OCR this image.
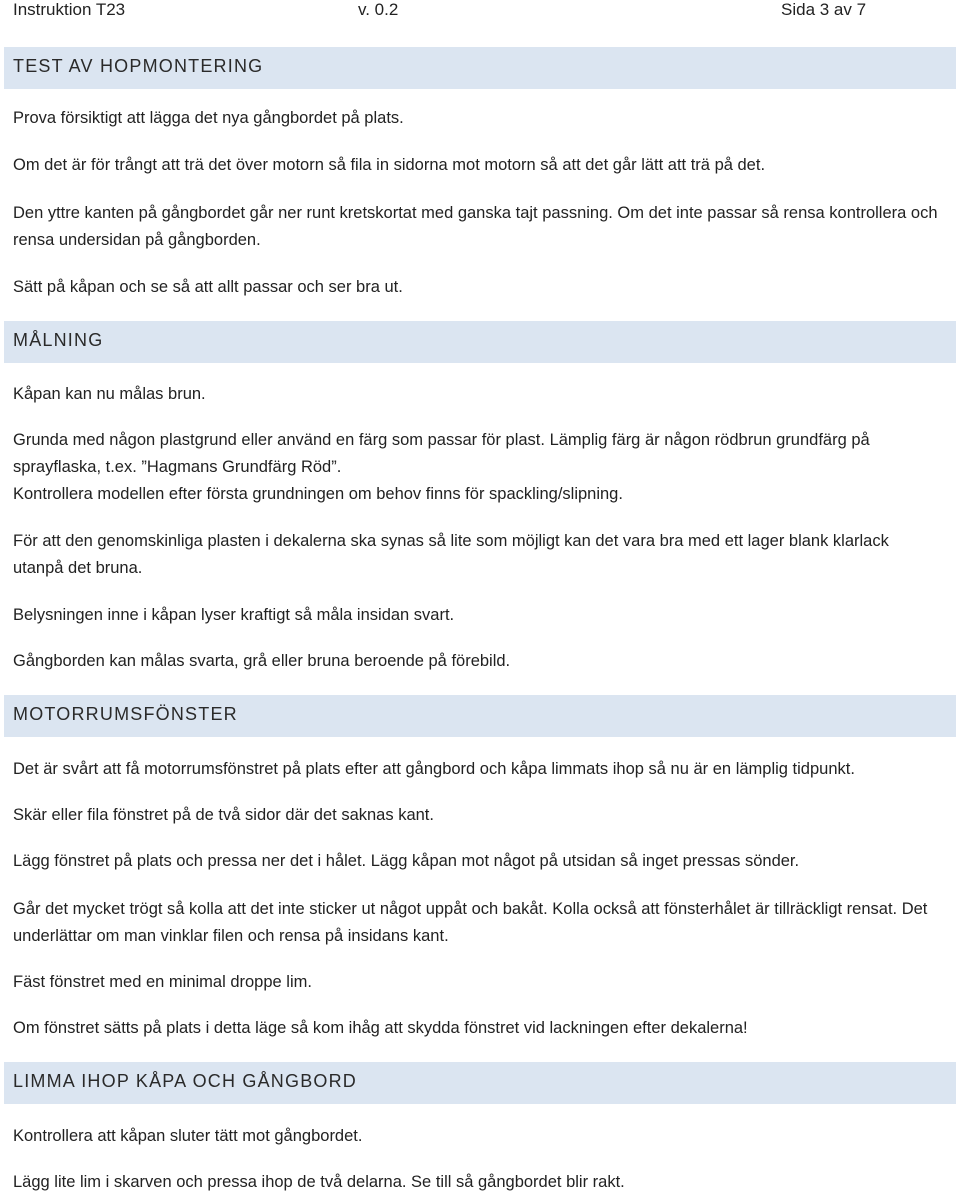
Instruktion T23	v. 0.2	Sida 3 av 7
TEST AV HOPMONTERING

Prova försiktigt att lägga det nya gångbordet på plats.

Om det är för trångt att trä det över motorn så fila in sidorna mot motorn så att det går lätt att trä på det.

Den yttre kanten på gångbordet går ner runt kretskortat med ganska tajt passning. Om det inte passar så rensa kontrollera och rensa undersidan på gångborden.

Sätt på kåpan och se så att allt passar och ser bra ut.

MÅLNING

Kåpan kan nu målas brun.

Grunda med någon plastgrund eller använd en färg som passar för plast. Lämplig färg är någon rödbrun grundfärg på sprayflaska, t.ex. ”Hagmans Grundfärg Röd”.

Kontrollera modellen efter första grundningen om behov finns för spackling/slipning.

För att den genomskinliga plasten i dekalerna ska synas så lite som möjligt kan det vara bra med ett lager blank klarlack utanpå det bruna.

Belysningen inne i kåpan lyser kraftigt så måla insidan svart.

Gångborden kan målas svarta, grå eller bruna beroende på förebild.

MOTORRUMSFÖNSTER

Det är svårt att få motorrumsfönstret på plats efter att gångbord och kåpa limmats ihop så nu är en lämplig tidpunkt.

Skär eller fila fönstret på de två sidor där det saknas kant.

Lägg fönstret på plats och pressa ner det i hålet. Lägg kåpan mot något på utsidan så inget pressas sönder.

Går det mycket trögt så kolla att det inte sticker ut något uppåt och bakåt. Kolla också att fönsterhålet är tillräckligt rensat. Det underlättar om man vinklar filen och rensa på insidans kant.

Fäst fönstret med en minimal droppe lim.

Om fönstret sätts på plats i detta läge så kom ihåg att skydda fönstret vid lackningen efter dekalerna!

LIMMA IHOP KÅPA OCH GÅNGBORD

Kontrollera att kåpan sluter tätt mot gångbordet.

Lägg lite lim i skarven och pressa ihop de två delarna. Se till så gångbordet blir rakt.
